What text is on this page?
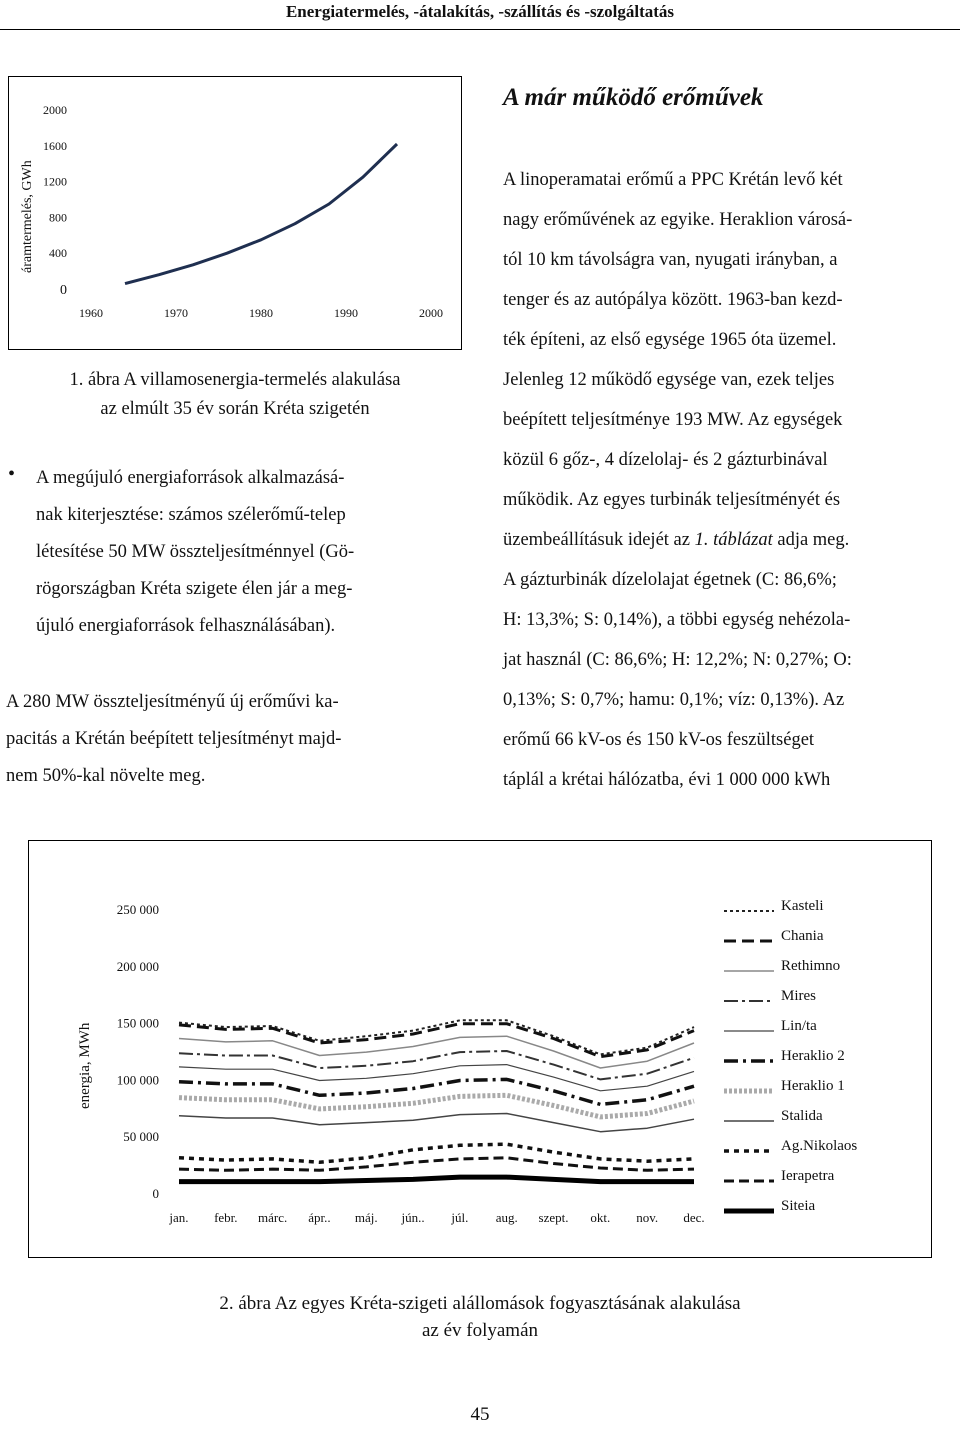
Energiatermelés, -átalakítás, -szállítás és -szolgáltatás
0
400
800
1200
1600
2000
1960	1970	1980	1990	2000
áramtermelés, GWh
1. ábra A villamosenergia-termelés alakulása
az elmúlt 35 év során Kréta szigetén
• A megújuló energiaforrások alkalmazásá-
nak kiterjesztése: számos szélerőmű-telep
létesítése 50 MW összteljesítménnyel (Gö-
rögországban Kréta szigete élen jár a meg-
újuló energiaforrások felhasználásában).
A 280 MW összteljesítményű új erőművi ka-
pacitás a Krétán beépített teljesítményt majd-
nem 50%-kal növelte meg.
A már működő erőművek
A linoperamatai erőmű a PPC Krétán levő két
nagy erőművének az egyike. Heraklion városá-
tól 10 km távolságra van, nyugati irányban, a
tenger és az autópálya között. 1963-ban kezd-
ték építeni, az első egysége 1965 óta üzemel.
Jelenleg 12 működő egysége van, ezek teljes
beépített teljesítménye 193 MW. Az egységek
közül 6 gőz-, 4 dízelolaj- és 2 gázturbinával
működik. Az egyes turbinák teljesítményét és
üzembeállításuk idejét az 1. táblázat adja meg.
A gázturbinák dízelolajat égetnek (C: 86,6%;
H: 13,3%; S: 0,14%), a többi egység nehézola-
jat használ (C: 86,6%; H: 12,2%; N: 0,27%; O:
0,13%; S: 0,7%; hamu: 0,1%; víz: 0,13%). Az
erőmű 66 kV-os és 150 kV-os feszültséget
táplál a krétai hálózatba, évi 1 000 000 kWh
0
50 000
100 000
150 000
200 000
250 000
jan. febr. márc. ápr.. máj. jún.. júl. aug. szept. okt. nov. dec.
energia, MWh
Kasteli
Chania
Rethimno
Mires
Lin/ta
Heraklio 2
Heraklio 1
Stalida
Ag.Nikolaos
Ierapetra
Siteia
2. ábra Az egyes Kréta-szigeti alállomások fogyasztásának alakulása
az év folyamán
45
